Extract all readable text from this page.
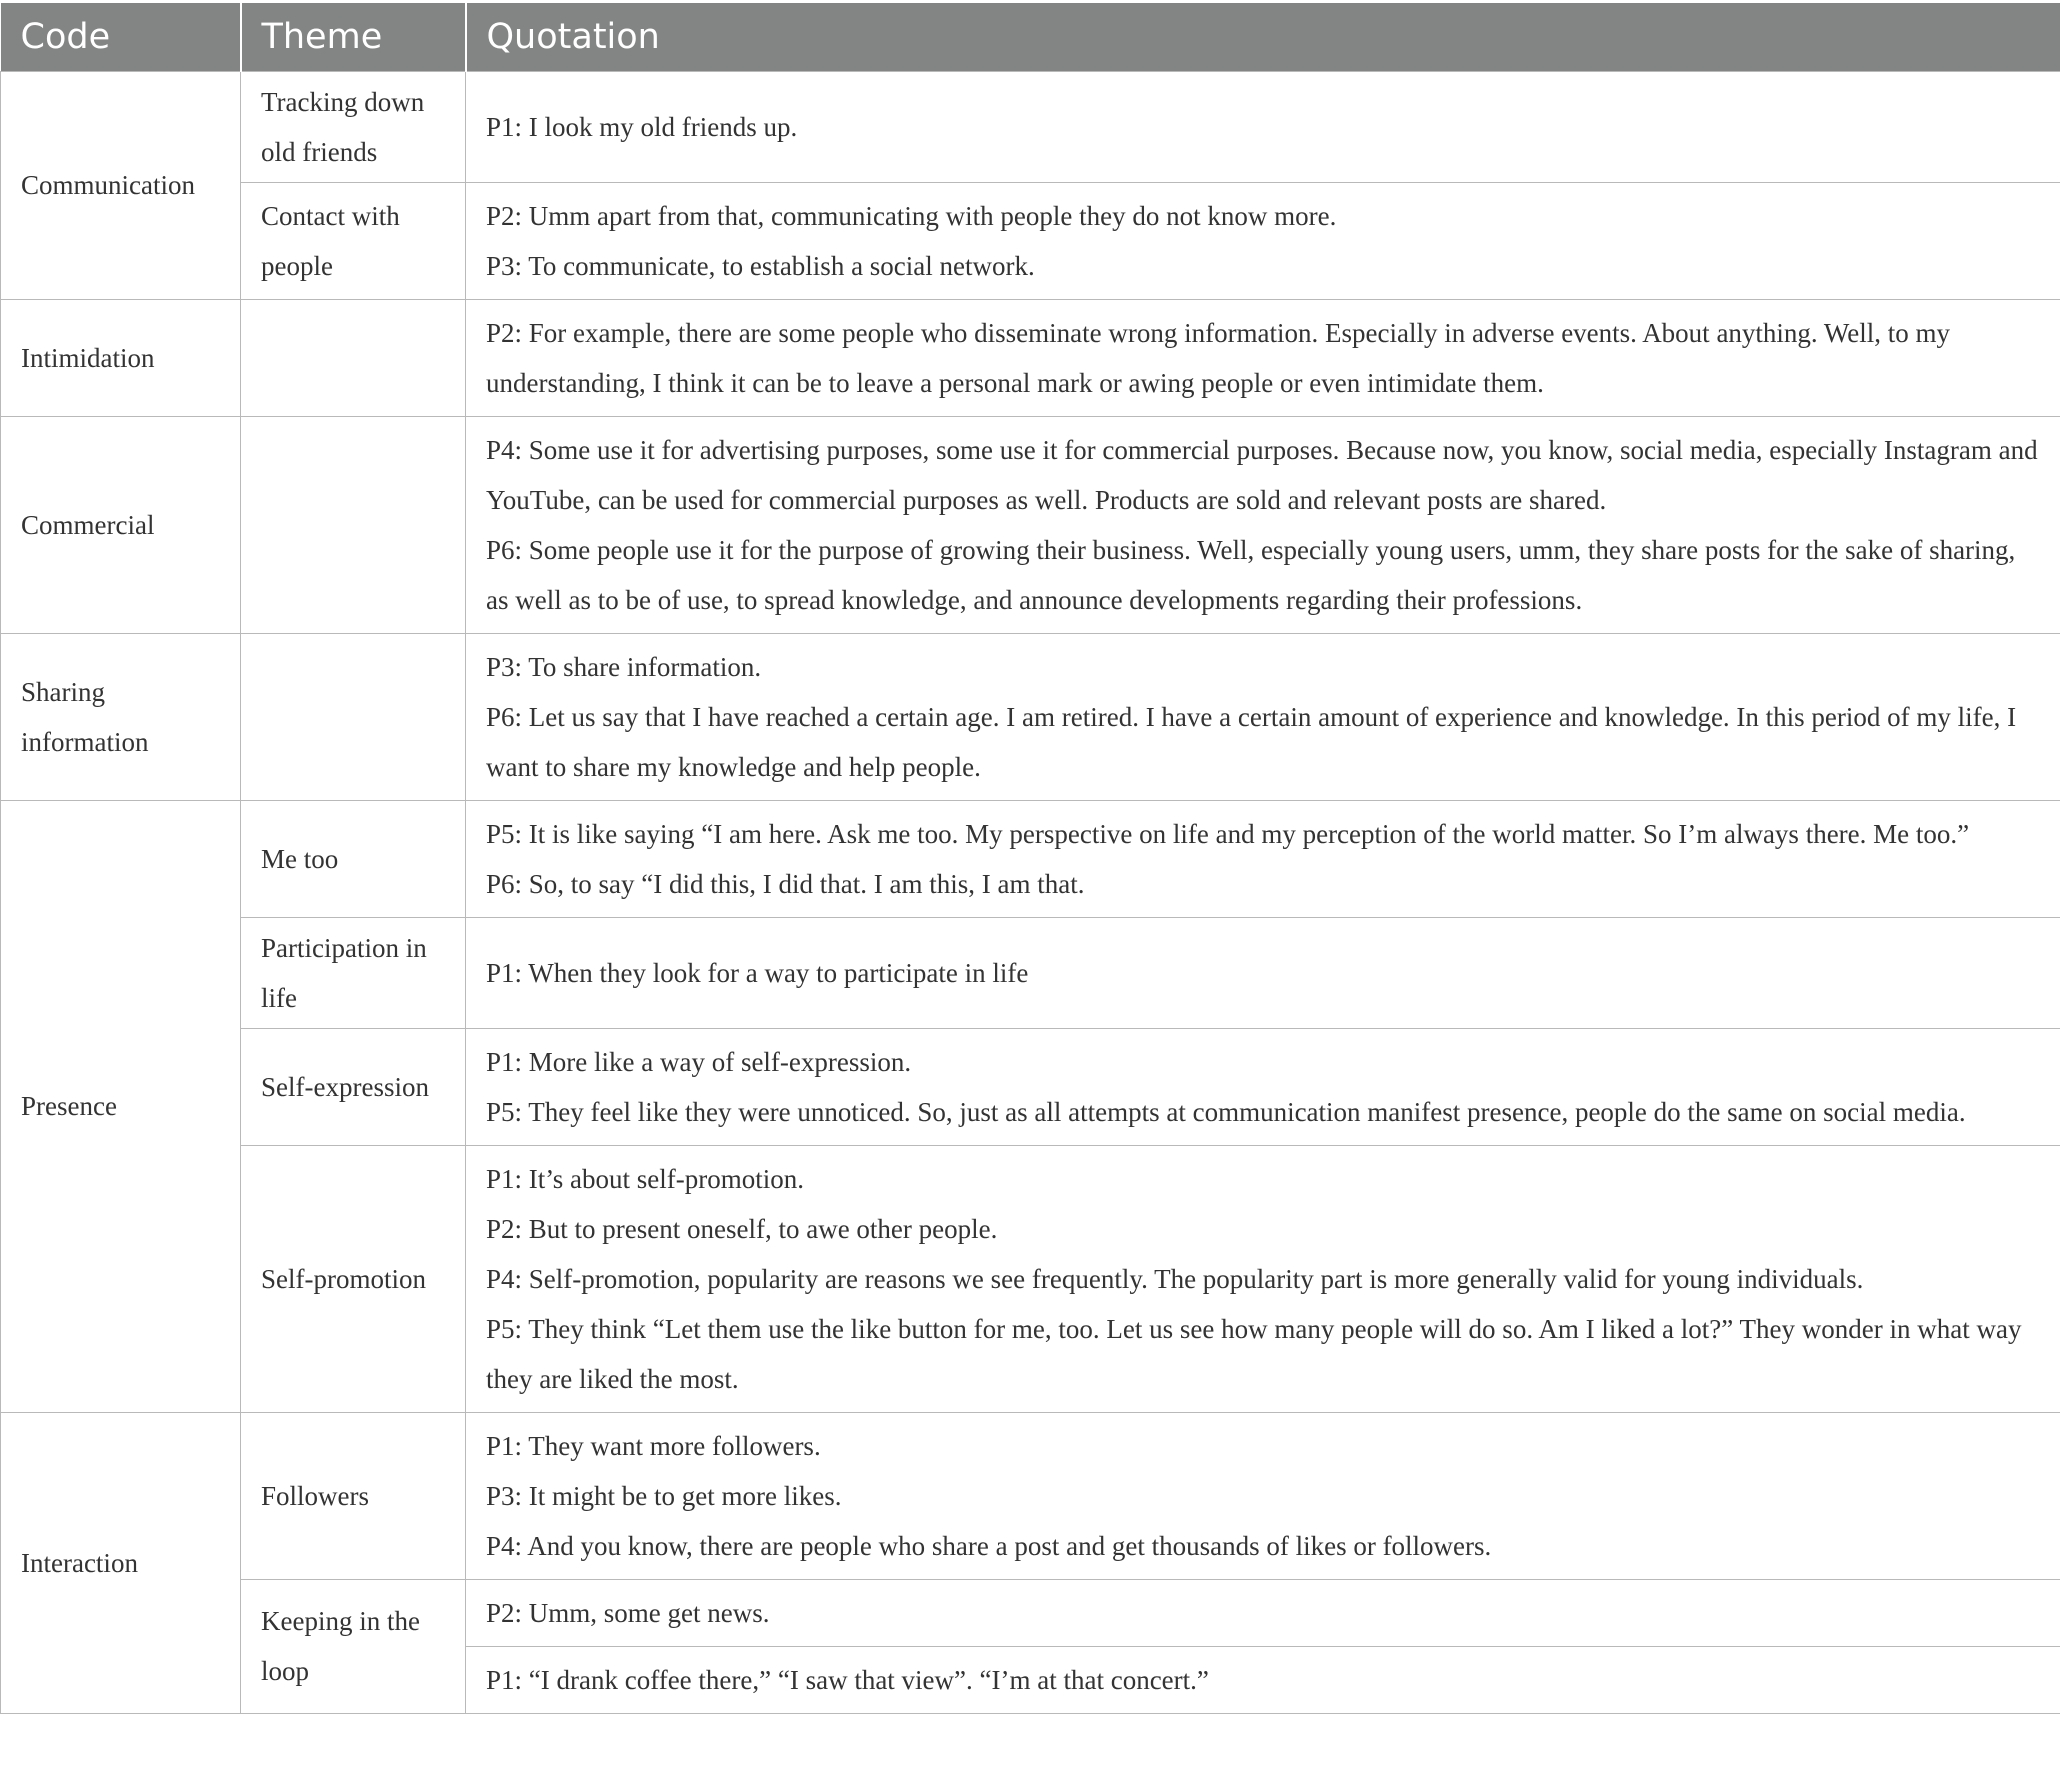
Code	Theme	Quotation
Communication	Tracking down old friends	P1: I look my old friends up.

	Contact with people	P2: Umm apart from that, communicating with people they do not know more.
P3: To communicate, to establish a social network.

Intimidation		P2: For example, there are some people who disseminate wrong information. Especially in adverse events. About anything. Well, to my understanding, I think it can be to leave a personal mark or awing people or even intimidate them.

Commercial		P4: Some use it for advertising purposes, some use it for commercial purposes. Because now, you know, social media, especially Instagram and YouTube, can be used for commercial purposes as well. Products are sold and relevant posts are shared.
P6: Some people use it for the purpose of growing their business. Well, especially young users, umm, they share posts for the sake of sharing, as well as to be of use, to spread knowledge, and announce developments regarding their professions.

Sharing information		P3: To share information.
P6: Let us say that I have reached a certain age. I am retired. I have a certain amount of experience and knowledge. In this period of my life, I want to share my knowledge and help people.

Presence	Me too	P5: It is like saying “I am here. Ask me too. My perspective on life and my perception of the world matter. So I’m always there. Me too.”
P6: So, to say “I did this, I did that. I am this, I am that.

	Participation in life	P1: When they look for a way to participate in life

	Self-expression	P1: More like a way of self-expression.
P5: They feel like they were unnoticed. So, just as all attempts at communication manifest presence, people do the same on social media.

	Self-promotion	P1: It’s about self-promotion.
P2: But to present oneself, to awe other people.
P4: Self-promotion, popularity are reasons we see frequently. The popularity part is more generally valid for young individuals.
P5: They think “Let them use the like button for me, too. Let us see how many people will do so. Am I liked a lot?” They wonder in what way they are liked the most.

Interaction	Followers	P1: They want more followers.
P3: It might be to get more likes.
P4: And you know, there are people who share a post and get thousands of likes or followers.

	Keeping in the loop	P2: Umm, some get news.

		P1: “I drank coffee there,” “I saw that view”. “I’m at that concert.”
